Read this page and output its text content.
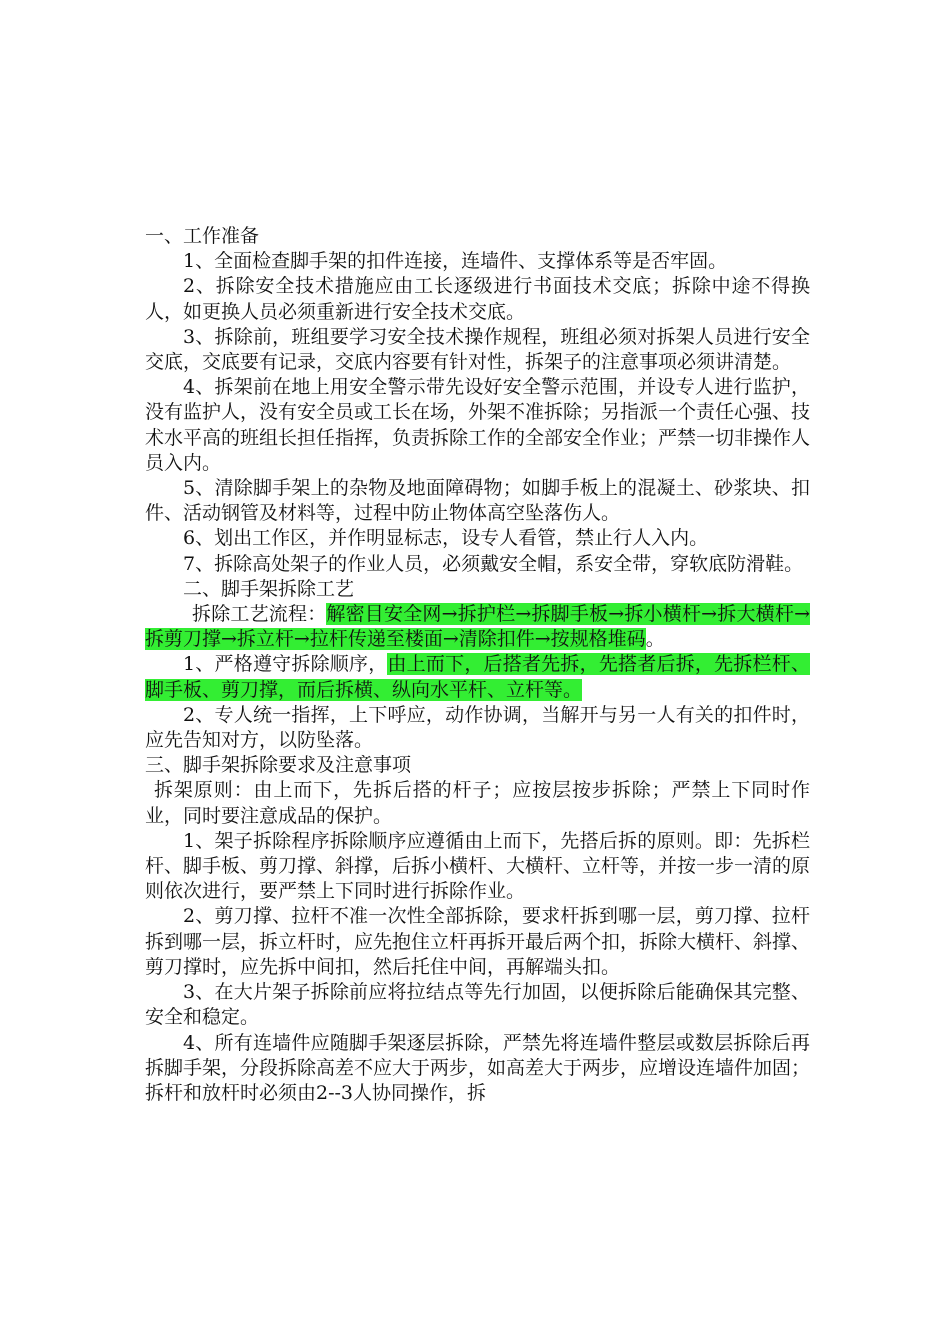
一、工作准备

1、全面检查脚手架的扣件连接，连墙件、支撑体系等是否牢固。

2、拆除安全技术措施应由工长逐级进行书面技术交底；拆除中途不得换人，如更换人员必须重新进行安全技术交底。

3、拆除前，班组要学习安全技术操作规程，班组必须对拆架人员进行安全交底，交底要有记录，交底内容要有针对性，拆架子的注意事项必须讲清楚。

4、拆架前在地上用安全警示带先设好安全警示范围，并设专人进行监护，没有监护人，没有安全员或工长在场，外架不准拆除；另指派一个责任心强、技术水平高的班组长担任指挥，负责拆除工作的全部安全作业；严禁一切非操作人员入内。

5、清除脚手架上的杂物及地面障碍物；如脚手板上的混凝土、砂浆块、扣件、活动钢管及材料等，过程中防止物体高空坠落伤人。

6、划出工作区，并作明显标志，设专人看管，禁止行人入内。

7、拆除高处架子的作业人员，必须戴安全帽，系安全带，穿软底防滑鞋。

二、脚手架拆除工艺

拆除工艺流程：解密目安全网→拆护栏→拆脚手板→拆小横杆→拆大横杆→拆剪刀撑→拆立杆→拉杆传递至楼面→清除扣件→按规格堆码。

1、严格遵守拆除顺序，由上而下，后搭者先拆，先搭者后拆，先拆栏杆、脚手板、剪刀撑，而后拆横、纵向水平杆、立杆等。

2、专人统一指挥，上下呼应，动作协调，当解开与另一人有关的扣件时，应先告知对方，以防坠落。

三、脚手架拆除要求及注意事项

拆架原则：由上而下，先拆后搭的杆子；应按层按步拆除；严禁上下同时作业，同时要注意成品的保护。

1、架子拆除程序拆除顺序应遵循由上而下，先搭后拆的原则。即：先拆栏杆、脚手板、剪刀撑、斜撑，后拆小横杆、大横杆、立杆等，并按一步一清的原则依次进行，要严禁上下同时进行拆除作业。

2、剪刀撑、拉杆不准一次性全部拆除，要求杆拆到哪一层，剪刀撑、拉杆拆到哪一层，拆立杆时，应先抱住立杆再拆开最后两个扣，拆除大横杆、斜撑、剪刀撑时，应先拆中间扣，然后托住中间，再解端头扣。

3、在大片架子拆除前应将拉结点等先行加固，以便拆除后能确保其完整、安全和稳定。

4、所有连墙件应随脚手架逐层拆除，严禁先将连墙件整层或数层拆除后再拆脚手架，分段拆除高差不应大于两步，如高差大于两步，应增设连墙件加固；拆杆和放杆时必须由2--3人协同操作，拆
